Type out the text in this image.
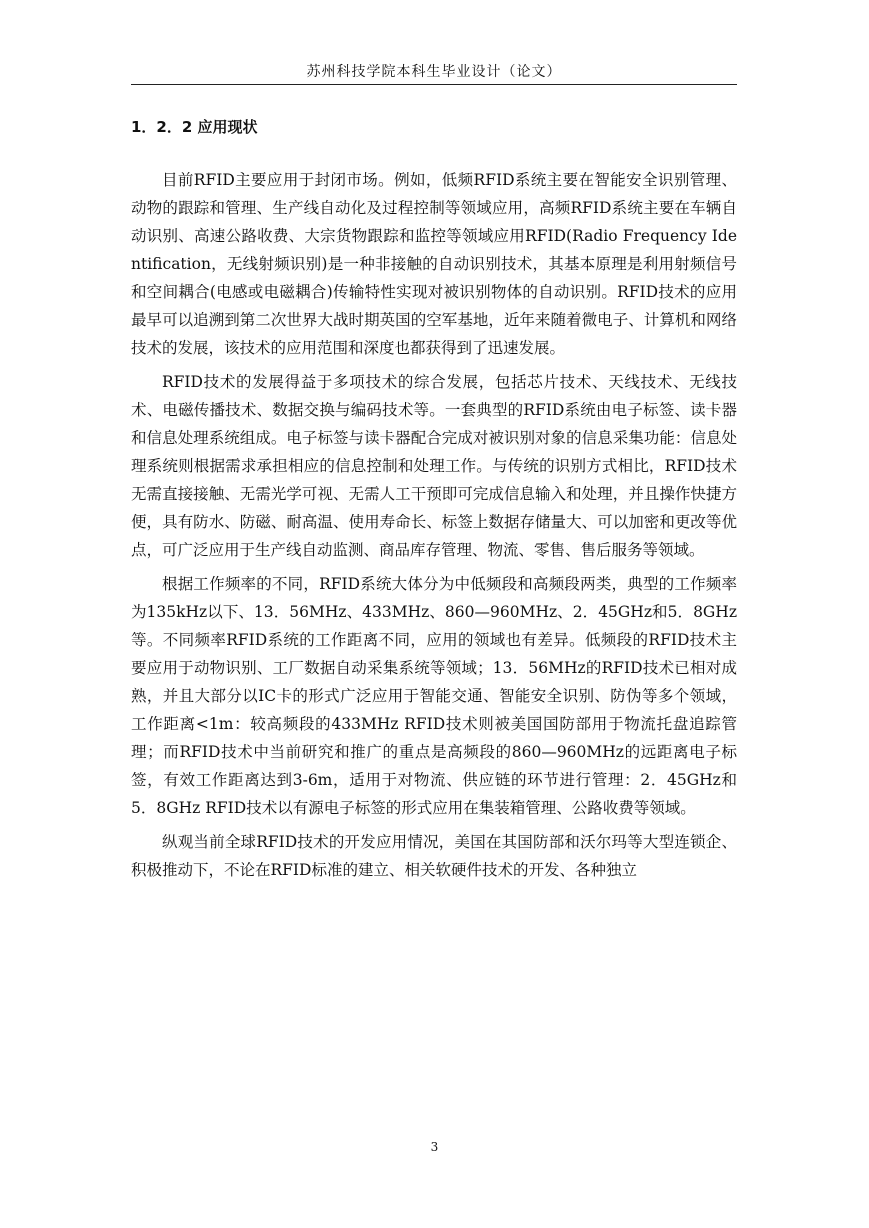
苏州科技学院本科生毕业设计（论文）
1．2．2 应用现状

目前RFID主要应用于封闭市场。例如，低频RFID系统主要在智能安全识别管理、动物的跟踪和管理、生产线自动化及过程控制等领域应用，高频RFID系统主要在车辆自动识别、高速公路收费、大宗货物跟踪和监控等领域应用RFID(Radio Frequency Identification，无线射频识别)是一种非接触的自动识别技术，其基本原理是利用射频信号和空间耦合(电感或电磁耦合)传输特性实现对被识别物体的自动识别。RFID技术的应用最早可以追溯到第二次世界大战时期英国的空军基地，近年来随着微电子、计算机和网络技术的发展，该技术的应用范围和深度也都获得到了迅速发展。

RFID技术的发展得益于多项技术的综合发展，包括芯片技术、天线技术、无线技术、电磁传播技术、数据交换与编码技术等。一套典型的RFID系统由电子标签、读卡器和信息处理系统组成。电子标签与读卡器配合完成对被识别对象的信息采集功能：信息处理系统则根据需求承担相应的信息控制和处理工作。与传统的识别方式相比，RFID技术无需直接接触、无需光学可视、无需人工干预即可完成信息输入和处理，并且操作快捷方便，具有防水、防磁、耐高温、使用寿命长、标签上数据存储量大、可以加密和更改等优点，可广泛应用于生产线自动监测、商品库存管理、物流、零售、售后服务等领域。

根据工作频率的不同，RFID系统大体分为中低频段和高频段两类，典型的工作频率为135kHz以下、13．56MHz、433MHz、860—960MHz、2．45GHz和5．8GHz等。不同频率RFID系统的工作距离不同，应用的领域也有差异。低频段的RFID技术主要应用于动物识别、工厂数据自动采集系统等领域；13．56MHz的RFID技术已相对成熟，并且大部分以IC卡的形式广泛应用于智能交通、智能安全识别、防伪等多个领域，工作距离<1m：较高频段的433MHz RFID技术则被美国国防部用于物流托盘追踪管理；而RFID技术中当前研究和推广的重点是高频段的860—960MHz的远距离电子标签，有效工作距离达到3-6m，适用于对物流、供应链的环节进行管理：2．45GHz和5．8GHz RFID技术以有源电子标签的形式应用在集装箱管理、公路收费等领域。

纵观当前全球RFID技术的开发应用情况，美国在其国防部和沃尔玛等大型连锁企、积极推动下，不论在RFID标准的建立、相关软硬件技术的开发、各种独立

3
